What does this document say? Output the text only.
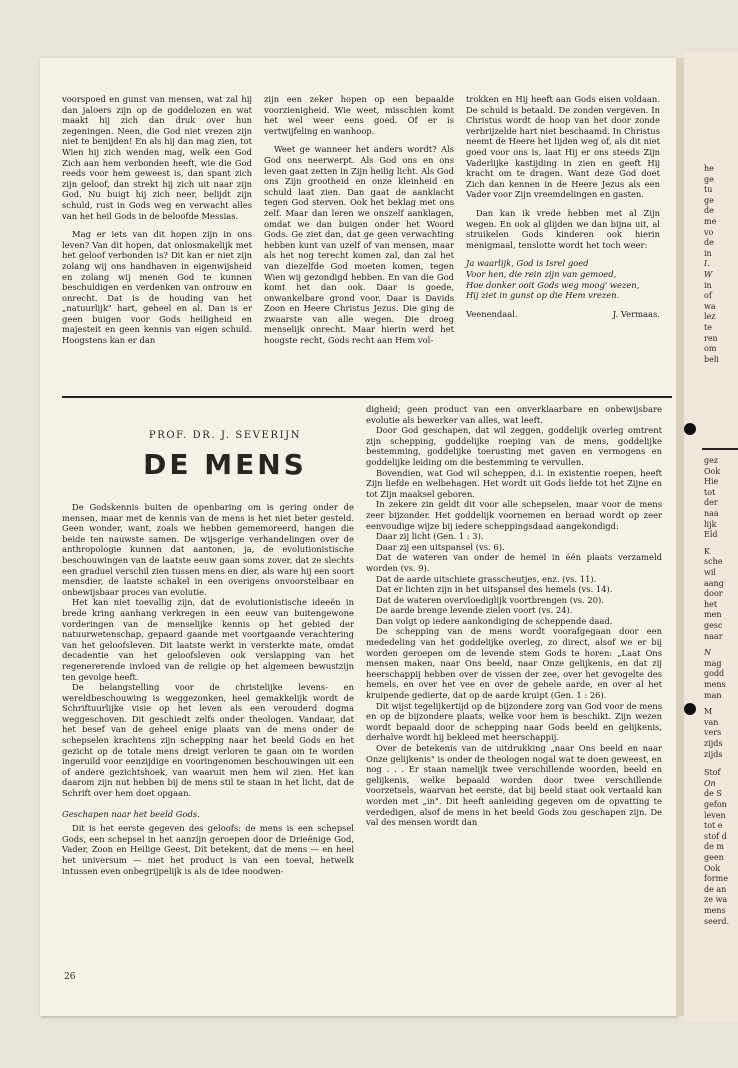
he
ge
tu
ge
de
me
vo
de
in
I.
W
in
of
wa
lez
te
ren
om
beli
gez
Ook
Hie
tot
der
naa
lijk
Eld
K
sche
wil
aang
door
het
men
gesc
naar
N
mag
godd
mens
man
M
van
vers
zijds
zijds
Stof
On
de S
gefon
leven
tot e
stof d
de m
geen
Ook
forme
de an
ze wa
mens
seerd.

voorspoed en gunst van mensen, wat zal hij dan jaloers zijn op de goddelozen en wat maakt hij zich dan druk over hun zegeningen. Neen, die God niet vrezen zijn niet te benijden! En als hij dan mag zien, tot Wien hij zich wenden mag, welk een God Zich aan hem verbonden heeft, wie die God reeds voor hem geweest is, dan spant zich zijn geloof, dan strekt hij zich uit naar zijn God. Nu buigt hij zich neer, belijdt zijn schuld, rust in Gods weg en verwacht alles van het heil Gods in de beloofde Messias.

Mag er iets van dit hopen zijn in ons leven? Van dit hopen, dat onlosmakelijk met het geloof verbonden is? Dit kan er niet zijn zolang wij ons handhaven in eigenwijsheid en zolang wij menen God te kunnen beschuldigen en verdenken van ontrouw en onrecht. Dat is de houding van het „natuurlijk" hart, geheel en al. Dan is er geen buigen voor Gods heiligheid en majesteit en geen kennis van eigen schuld. Hoogstens kan er dan

zijn een zeker hopen op een bepaalde voorzienigheid. Wie weet, misschien komt het wel weer eens goed. Of er is vertwijfeling en wanhoop.

Weet ge wanneer het anders wordt? Als God ons neerwerpt. Als God ons en ons leven gaat zetten in Zijn heilig licht. Als God ons Zijn grootheid en onze kleinheid en schuld laat zien. Dan gaat de aanklacht tegen God sterven. Ook het beklag met ons zelf. Maar dan leren we onszelf aanklagen, omdat we dan buigen onder het Woord Gods. Ge ziet dan, dat ge geen verwachting hebben kunt van uzelf of van mensen, maar als het nog terecht komen zal, dan zal het van diezelfde God moeten komen, tegen Wien wij gezondigd hebben. En van die God komt het dan ook. Daar is goede, onwankelbare grond voor. Daar is Davids Zoon en Heere Christus Jezus. Die ging de zwaarste van alle wegen. Die droeg menselijk onrecht. Maar hierin werd het hoogste recht, Gods recht aan Hem vol-

trokken en Hij heeft aan Gods eisen voldaan. De schuld is betaald. De zonden vergeven. In Christus wordt de hoop van het door zonde verbrijzelde hart niet beschaamd. In Christus neemt de Heere het lijden weg of, als dit niet goed voor ons is, laat Hij er ons steeds Zijn Vaderlijke kastijding in zien en geeft Hij kracht om te dragen. Want deze God doet Zich dan kennen in de Heere Jezus als een Vader voor Zijn vreemdelingen en gasten.

Dan kan ik vrede hebben met al Zijn wegen. En ook al glijden we dan bijna uit, al struikelen Gods kinderen ook hierin menigmaal, tenslotte wordt het toch weer:

Ja waarlijk, God is Isrel goed

Voor hen, die rein zijn van gemoed,

Hoe donker ooit Gods weg moog' wezen,

Hij ziet in gunst op die Hem vrezen.

Veenendaal.	J. Vermaas.
PROF. DR. J. SEVERIJN
DE MENS

De Godskennis buiten de openbaring om is gering onder de mensen, maar met de kennis van de mens is het niet beter gesteld. Geen wonder, want, zoals we hebben gememoreerd, hangen die beide ten nauwste samen. De wijsgerige verhandelingen over de anthropologie kunnen dat aantonen, ja, de evolutionistische beschouwingen van de laatste eeuw gaan soms zover, dat ze slechts een graduel verschil zien tussen mens en dier, als ware hij een soort mensdier, de laatste schakel in een overigens onvoorstelbaar en onbewijsbaar proces van evolutie.

Het kan niet toevallig zijn, dat de evolutionistische ideeën in brede kring aanhang verkregen in een eeuw van buitengewone vorderingen van de menselijke kennis op het gebied der natuurwetenschap, gepaard gaande met voortgaande verachtering van het geloofsleven. Dit laatste werkt in versterkte mate, omdat decadentie van het geloofsleven ook verslapping van het regenererende invloed van de religie op het algemeen bewustzijn ten gevolge heeft.

De belangstelling voor de christelijke levens- en wereldbeschouwing is weggezonken, heel gemakkelijk wordt de Schriftuurlijke visie op het leven als een verouderd dogma weggeschoven. Dit geschiedt zelfs onder theologen. Vandaar, dat het besef van de geheel enige plaats van de mens onder de schepselen krachtens zijn schepping naar het beeld Gods en het gezicht op de totale mens dreigt verloren te gaan om te worden ingeruild voor eenzijdige en vooringenomen beschouwingen uit een of andere gezichtshoek, van waaruit men hem wil zien. Het kan daarom zijn nut hebben bij de mens stil te staan in het licht, dat de Schrift over hem doet opgaan.

Geschapen naar het beeld Gods.

Dit is het eerste gegeven des geloofs: de mens is een schepsel Gods, een schepsel in het aanzijn geroepen door de Drieënige God, Vader, Zoon en Heilige Geest. Dit betekent, dat de mens — en heel het universum — niet het product is van een toeval, hetwelk intussen even onbegrijpelijk is als de idee noodwen-

digheid; geen product van een onverklaarbare en onbewijsbare evolutie als bewerker van alles, wat leeft.

Door God geschapen, dat wil zeggen, goddelijk overleg omtrent zijn schepping, goddelijke roeping van de mens, goddelijke bestemming, goddelijke toerusting met gaven en vermogens en goddelijke leiding om die bestemming te vervullen.

Bovendien, wat God wil scheppen, d.i. in existentie roepen, heeft Zijn liefde en welbehagen. Het wordt uit Gods liefde tot het Zijne en tot Zijn maaksel geboren.

In zekere zin geldt dit voor alle schepselen, maar voor de mens zeer bijzonder. Het goddelijk voornemen en beraad wordt op zeer eenvoudige wijze bij iedere scheppingsdaad aangekondigd:

Daar zij licht (Gen. 1 : 3).

Daar zij een uitspansel (vs. 6).

Dat de wateren van onder de hemel in één plaats verzameld worden (vs. 9).

Dat de aarde uitschiete grasscheutjes, enz. (vs. 11).

Dat er lichten zijn in het uitspansel des hemels (vs. 14).

Dat de wateren overvloediglijk voortbrengen (vs. 20).

De aarde brenge levende zielen voort (vs. 24).

Dan volgt op iedere aankondiging de scheppende daad.

De schepping van de mens wordt voorafgegaan door een mededeling van het goddelijke overleg, zo direct, alsof we er bij worden geroepen om de levende stem Gods te horen: „Laat Ons mensen maken, naar Ons beeld, naar Onze gelijkenis, en dat zij heerschappij hebben over de vissen der zee, over het gevogelte des hemels, en over het vee en over de gehele aarde, en over al het kruipende gedierte, dat op de aarde kruipt (Gen. 1 : 26).

Dit wijst tegelijkertijd op de bijzondere zorg van God voor de mens en op de bijzondere plaats, welke voor hem is beschikt. Zijn wezen wordt bepaald door de schepping naar Gods beeld en gelijkenis, derhalve wordt hij bekleed met heerschappij.

Over de betekenis van de uitdrukking „naar Ons beeld en naar Onze gelijkenis" is onder de theologen nogal wat te doen geweest, en nog . . . Er staan namelijk twee verschillende woorden, beeld en gelijkenis, welke bepaald worden door twee verschillende voorzetsels, waarvan het eerste, dat bij beeld staat ook vertaald kan worden met „in". Dit heeft aanleiding gegeven om de opvatting te verdedigen, alsof de mens in het beeld Gods zou geschapen zijn. De val des mensen wordt dan

26
